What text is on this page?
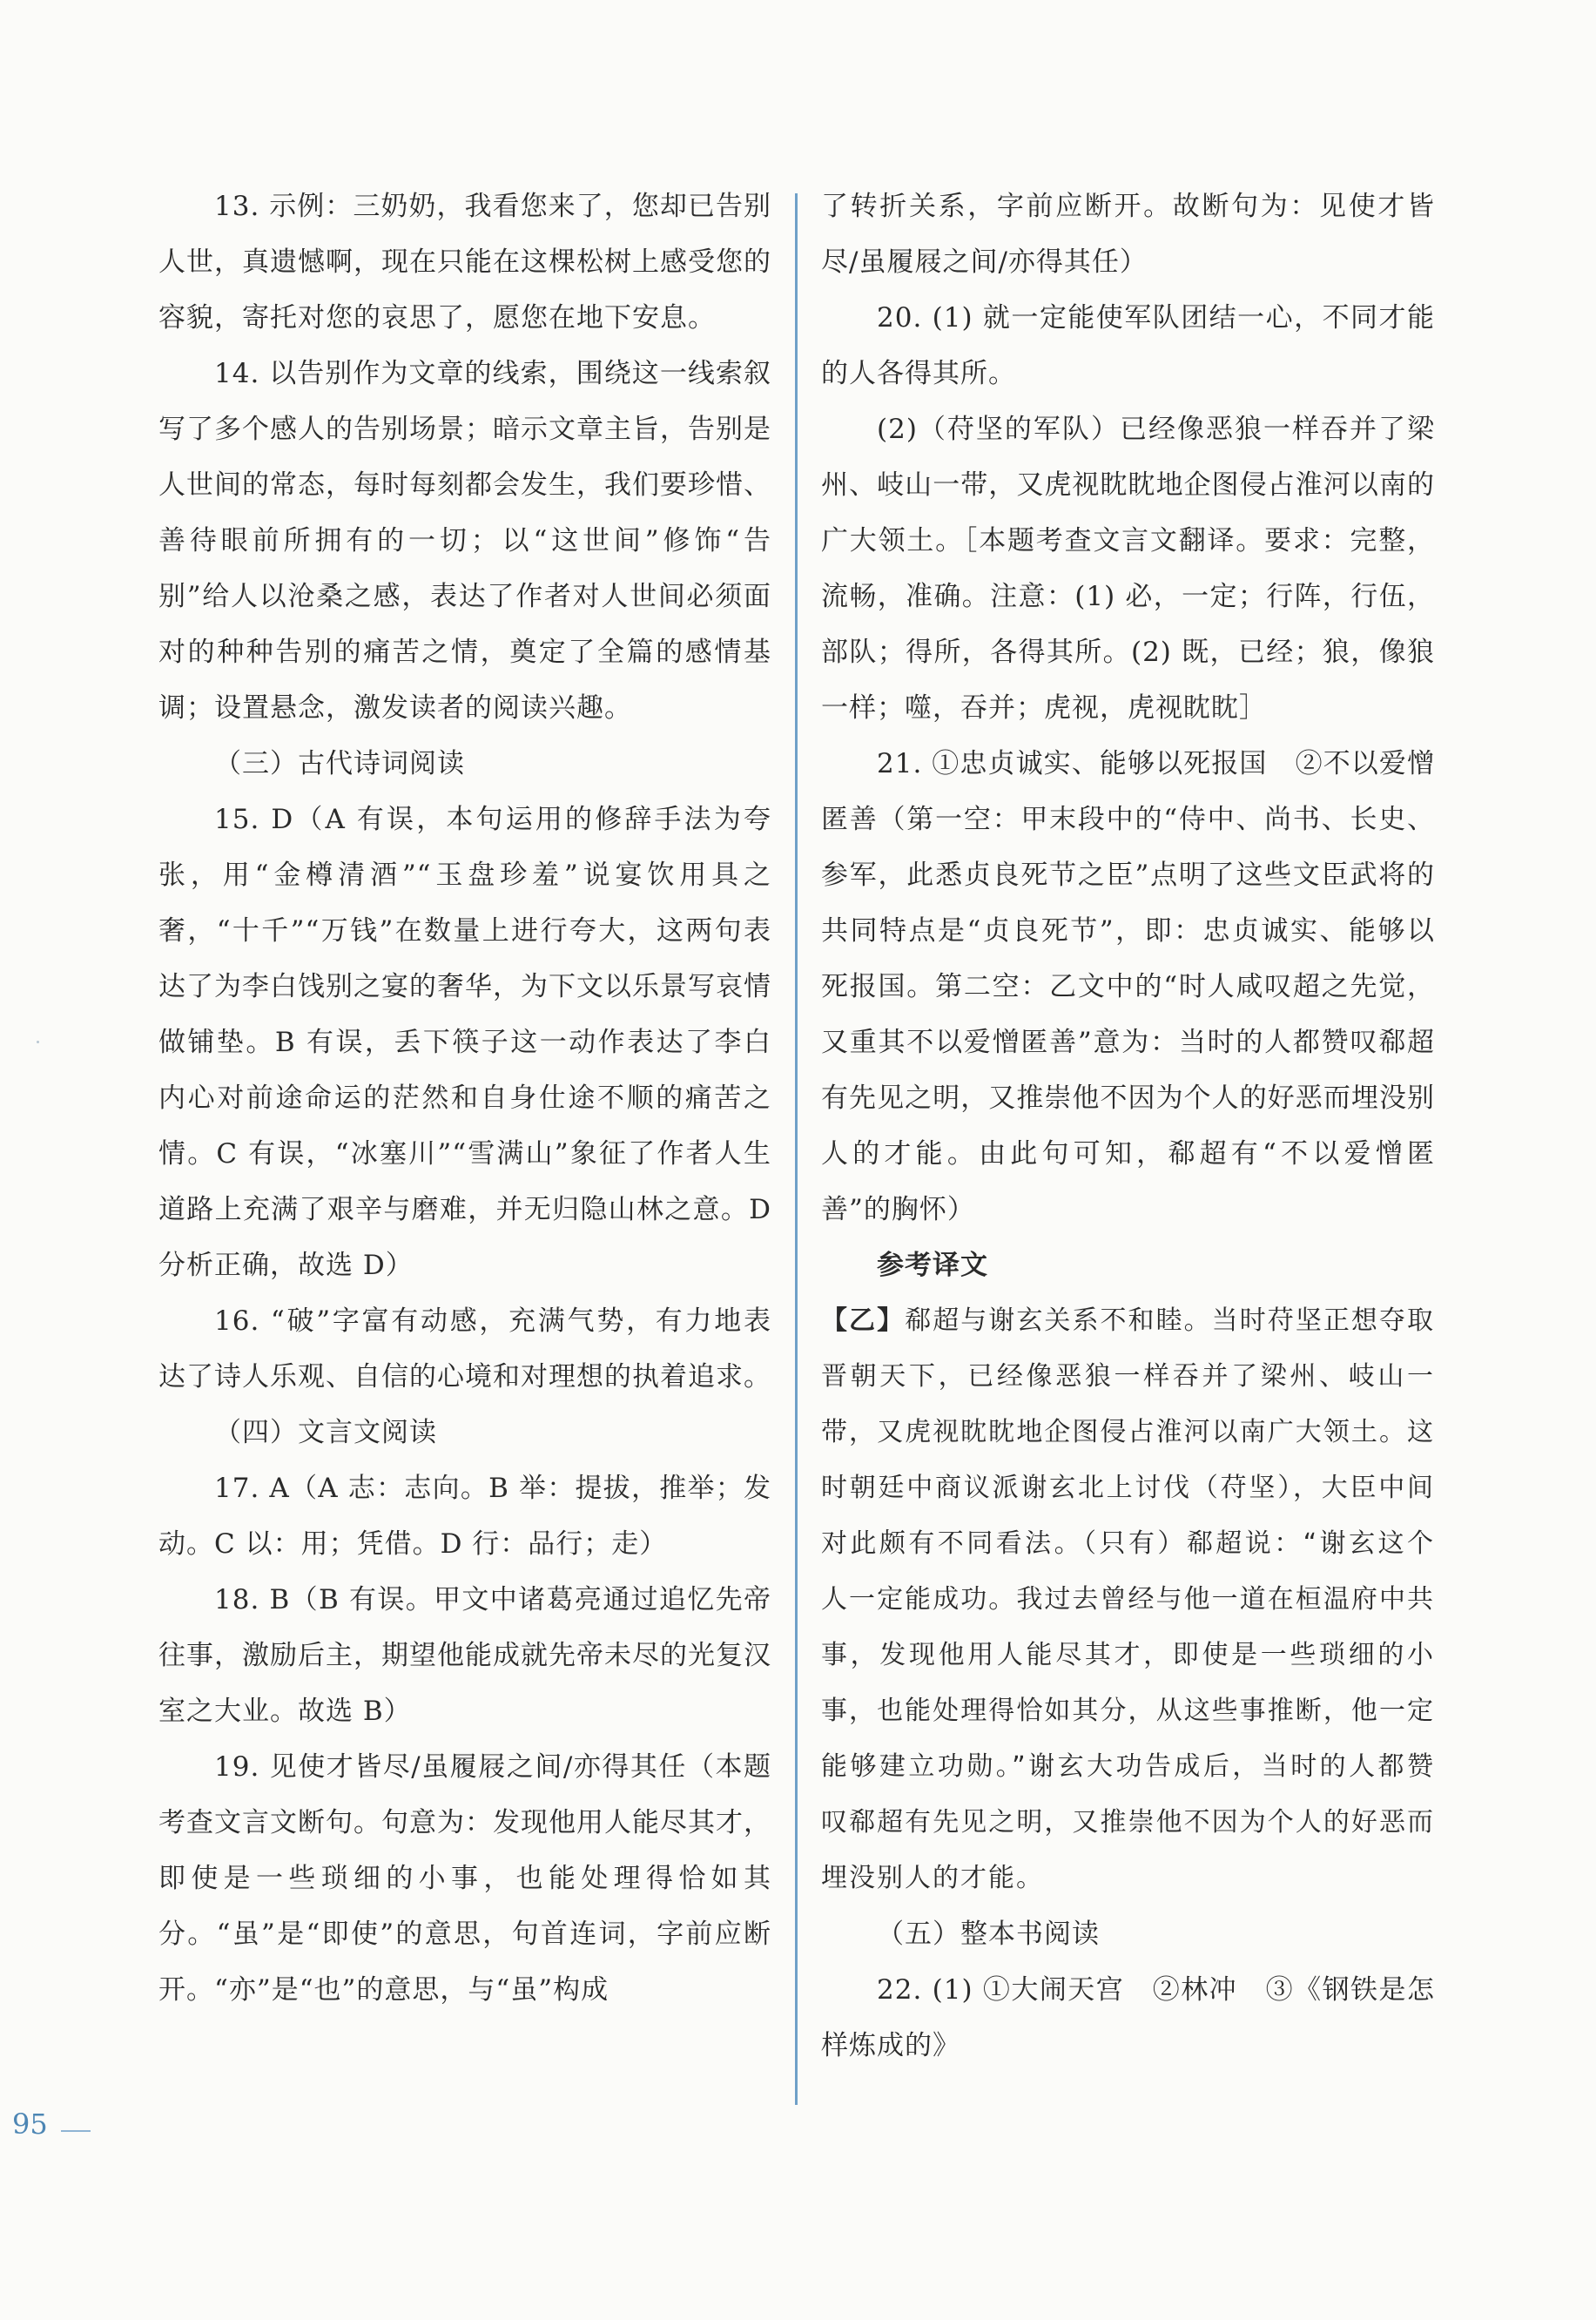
13. 示例：三奶奶，我看您来了，您却已告别人世，真遗憾啊，现在只能在这棵松树上感受您的容貌，寄托对您的哀思了，愿您在地下安息。

14. 以告别作为文章的线索，围绕这一线索叙写了多个感人的告别场景；暗示文章主旨，告别是人世间的常态，每时每刻都会发生，我们要珍惜、善待眼前所拥有的一切；以“这世间”修饰“告别”给人以沧桑之感，表达了作者对人世间必须面对的种种告别的痛苦之情，奠定了全篇的感情基调；设置悬念，激发读者的阅读兴趣。

（三）古代诗词阅读

15. D（A 有误，本句运用的修辞手法为夸张，用“金樽清酒”“玉盘珍羞”说宴饮用具之奢，“十千”“万钱”在数量上进行夸大，这两句表达了为李白饯别之宴的奢华，为下文以乐景写哀情做铺垫。B 有误，丢下筷子这一动作表达了李白内心对前途命运的茫然和自身仕途不顺的痛苦之情。C 有误，“冰塞川”“雪满山”象征了作者人生道路上充满了艰辛与磨难，并无归隐山林之意。D 分析正确，故选 D）

16. “破”字富有动感，充满气势，有力地表达了诗人乐观、自信的心境和对理想的执着追求。

（四）文言文阅读

17. A（A 志：志向。B 举：提拔，推举；发动。C 以：用；凭借。D 行：品行；走）

18. B（B 有误。甲文中诸葛亮通过追忆先帝往事，激励后主，期望他能成就先帝未尽的光复汉室之大业。故选 B）

19. 见使才皆尽/虽履屐之间/亦得其任（本题考查文言文断句。句意为：发现他用人能尽其才，即使是一些琐细的小事，也能处理得恰如其分。“虽”是“即使”的意思，句首连词，字前应断开。“亦”是“也”的意思，与“虽”构成

了转折关系，字前应断开。故断句为：见使才皆尽/虽履屐之间/亦得其任）

20. (1) 就一定能使军队团结一心，不同才能的人各得其所。

(2)（苻坚的军队）已经像恶狼一样吞并了梁州、岐山一带，又虎视眈眈地企图侵占淮河以南的广大领土。［本题考查文言文翻译。要求：完整，流畅，准确。注意：(1) 必，一定；行阵，行伍，部队；得所，各得其所。(2) 既，已经；狼，像狼一样；噬，吞并；虎视，虎视眈眈］

21. ①忠贞诚实、能够以死报国　②不以爱憎匿善（第一空：甲末段中的“侍中、尚书、长史、参军，此悉贞良死节之臣”点明了这些文臣武将的共同特点是“贞良死节”，即：忠贞诚实、能够以死报国。第二空：乙文中的“时人咸叹超之先觉，又重其不以爱憎匿善”意为：当时的人都赞叹郗超有先见之明，又推崇他不因为个人的好恶而埋没别人的才能。由此句可知，郗超有“不以爱憎匿善”的胸怀）

参考译文

【乙】郗超与谢玄关系不和睦。当时苻坚正想夺取晋朝天下，已经像恶狼一样吞并了梁州、岐山一带，又虎视眈眈地企图侵占淮河以南广大领土。这时朝廷中商议派谢玄北上讨伐（苻坚），大臣中间对此颇有不同看法。（只有）郗超说：“谢玄这个人一定能成功。我过去曾经与他一道在桓温府中共事，发现他用人能尽其才，即使是一些琐细的小事，也能处理得恰如其分，从这些事推断，他一定能够建立功勋。”谢玄大功告成后，当时的人都赞叹郗超有先见之明，又推崇他不因为个人的好恶而埋没别人的才能。

（五）整本书阅读

22. (1) ①大闹天宫　②林冲　③《钢铁是怎样炼成的》

95
